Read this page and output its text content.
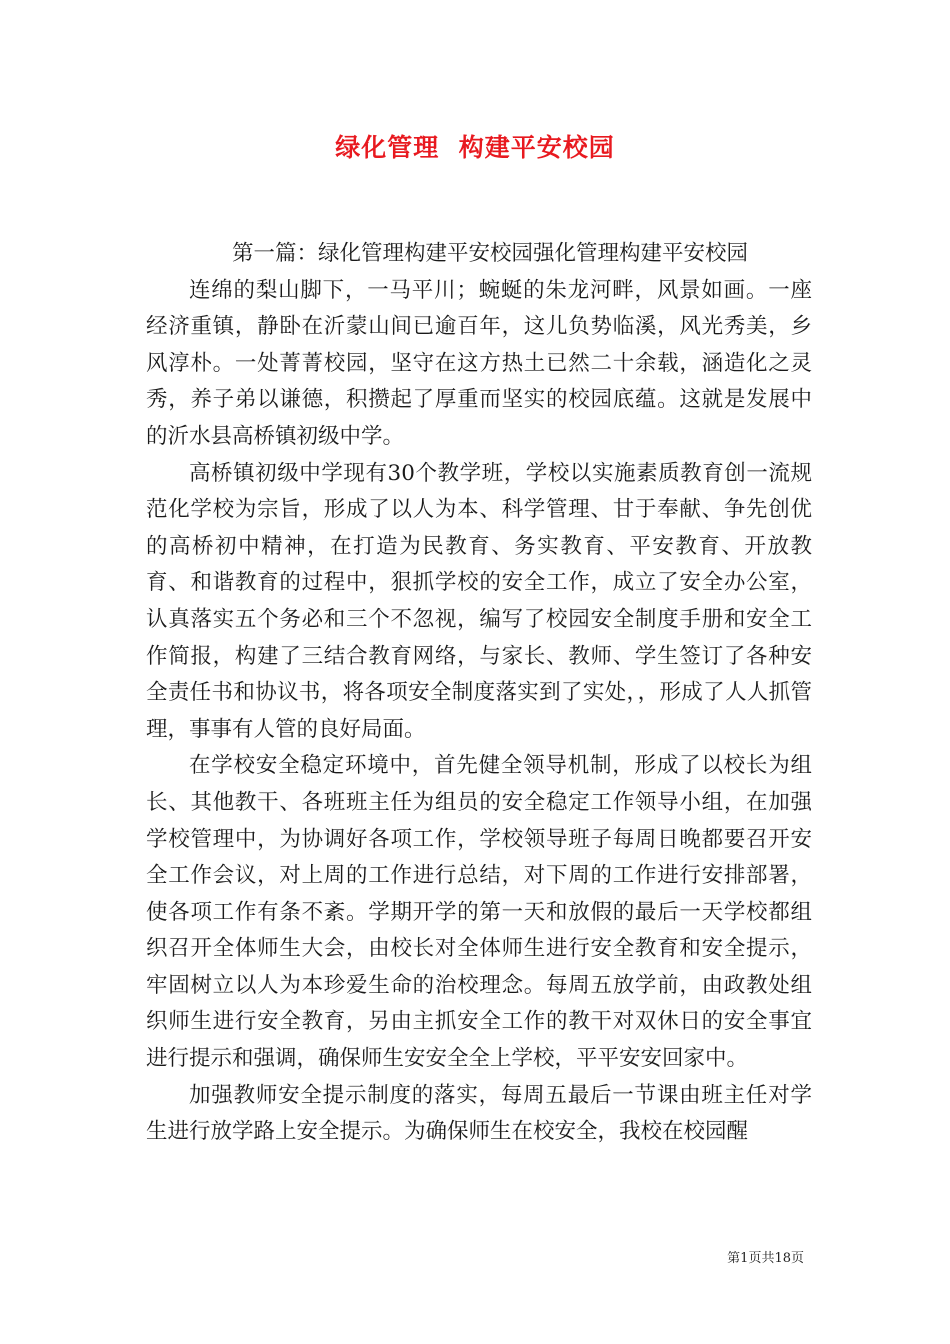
绿化管理  构建平安校园

第一篇：绿化管理构建平安校园强化管理构建平安校园

连绵的梨山脚下，一马平川；蜿蜒的朱龙河畔，风景如画。一座经济重镇，静卧在沂蒙山间已逾百年，这儿负势临溪，风光秀美，乡风淳朴。一处菁菁校园，坚守在这方热土已然二十余载，涵造化之灵秀，养子弟以谦德，积攒起了厚重而坚实的校园底蕴。这就是发展中的沂水县高桥镇初级中学。

高桥镇初级中学现有30个教学班，学校以实施素质教育创一流规范化学校为宗旨，形成了以人为本、科学管理、甘于奉献、争先创优的高桥初中精神，在打造为民教育、务实教育、平安教育、开放教育、和谐教育的过程中，狠抓学校的安全工作，成立了安全办公室，认真落实五个务必和三个不忽视，编写了校园安全制度手册和安全工作简报，构建了三结合教育网络，与家长、教师、学生签订了各种安全责任书和协议书，将各项安全制度落实到了实处，，形成了人人抓管理，事事有人管的良好局面。

在学校安全稳定环境中，首先健全领导机制，形成了以校长为组长、其他教干、各班班主任为组员的安全稳定工作领导小组，在加强学校管理中，为协调好各项工作，学校领导班子每周日晚都要召开安全工作会议，对上周的工作进行总结，对下周的工作进行安排部署，使各项工作有条不紊。学期开学的第一天和放假的最后一天学校都组织召开全体师生大会，由校长对全体师生进行安全教育和安全提示，牢固树立以人为本珍爱生命的治校理念。每周五放学前，由政教处组织师生进行安全教育，另由主抓安全工作的教干对双休日的安全事宜进行提示和强调，确保师生安安全全上学校，平平安安回家中。

加强教师安全提示制度的落实，每周五最后一节课由班主任对学生进行放学路上安全提示。为确保师生在校安全，我校在校园醒

第1页共18页
